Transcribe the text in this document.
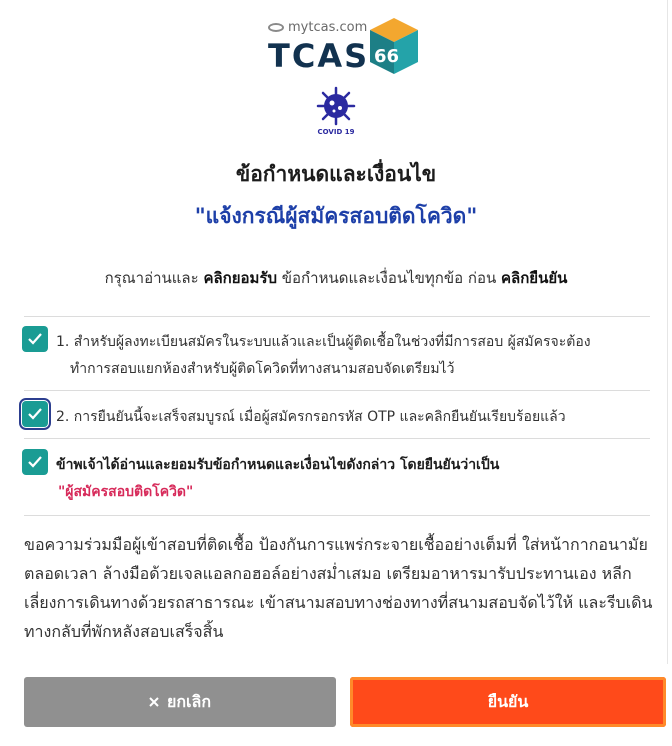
mytcas.com
TCAS 66
COVID 19
ข้อกำหนดและเงื่อนไข
"แจ้งกรณีผู้สมัครสอบติดโควิด"
กรุณาอ่านและ คลิกยอมรับ ข้อกำหนดและเงื่อนไขทุกข้อ ก่อน คลิกยืนยัน
1. สำหรับผู้ลงทะเบียนสมัครในระบบแล้วและเป็นผู้ติดเชื้อในช่วงที่มีการสอบ ผู้สมัครจะต้อง
ทำการสอบแยกห้องสำหรับผู้ติดโควิดที่ทางสนามสอบจัดเตรียมไว้
2. การยืนยันนี้จะเสร็จสมบูรณ์ เมื่อผู้สมัครกรอกรหัส OTP และคลิกยืนยันเรียบร้อยแล้ว
ข้าพเจ้าได้อ่านและยอมรับข้อกำหนดและเงื่อนไขดังกล่าว โดยยืนยันว่าเป็น
"ผู้สมัครสอบติดโควิด"
ขอความร่วมมือผู้เข้าสอบที่ติดเชื้อ ป้องกันการแพร่กระจายเชื้ออย่างเต็มที่ ใส่หน้ากากอนามัย ตลอดเวลา ล้างมือด้วยเจลแอลกอฮอล์อย่างสม่ำเสมอ เตรียมอาหารมารับประทานเอง หลีก เลี่ยงการเดินทางด้วยรถสาธารณะ เข้าสนามสอบทางช่องทางที่สนามสอบจัดไว้ให้ และรีบเดิน ทางกลับที่พักหลังสอบเสร็จสิ้น
ยกเลิก	ยืนยัน
